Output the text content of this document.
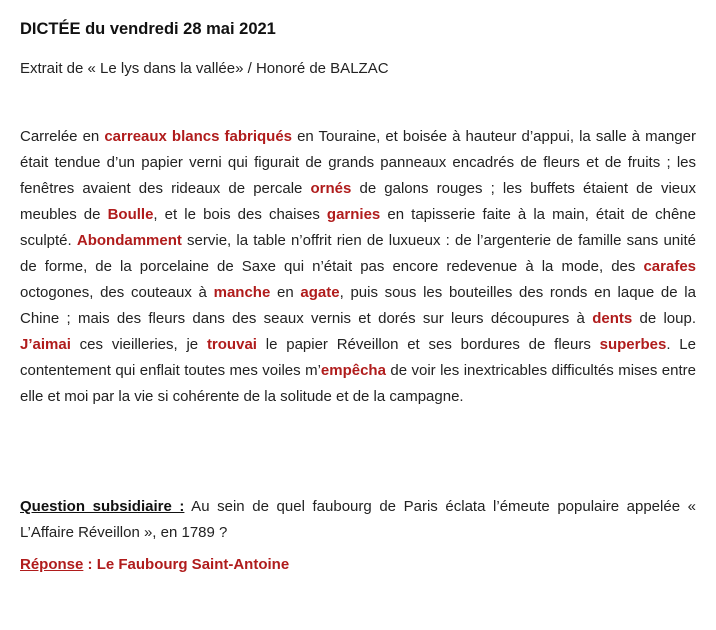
DICTÉE du vendredi 28 mai 2021
Extrait de « Le lys dans la vallée» / Honoré de BALZAC
Carrelée en carreaux blancs fabriqués en Touraine, et boisée à hauteur d’appui, la salle à manger était tendue d’un papier verni qui figurait de grands panneaux encadrés de fleurs et de fruits ; les fenêtres avaient des rideaux de percale ornés de galons rouges ; les buffets étaient de vieux meubles de Boulle, et le bois des chaises garnies en tapisserie faite à la main, était de chêne sculpté. Abondamment servie, la table n’offrit rien de luxueux : de l’argenterie de famille sans unité de forme, de la porcelaine de Saxe qui n’était pas encore redevenue à la mode, des carafes octogones, des couteaux à manche en agate, puis sous les bouteilles des ronds en laque de la Chine ; mais des fleurs dans des seaux vernis et dorés sur leurs découpures à dents de loup. J’aimai ces vieilleries, je trouvai le papier Réveillon et ses bordures de fleurs superbes. Le contentement qui enflait toutes mes voiles m’empêcha de voir les inextricables difficultés mises entre elle et moi par la vie si cohérente de la solitude et de la campagne.
Question subsidiaire : Au sein de quel faubourg de Paris éclata l’émeute populaire appelée « L’Affaire Réveillon », en 1789 ?
Réponse : Le Faubourg Saint-Antoine
